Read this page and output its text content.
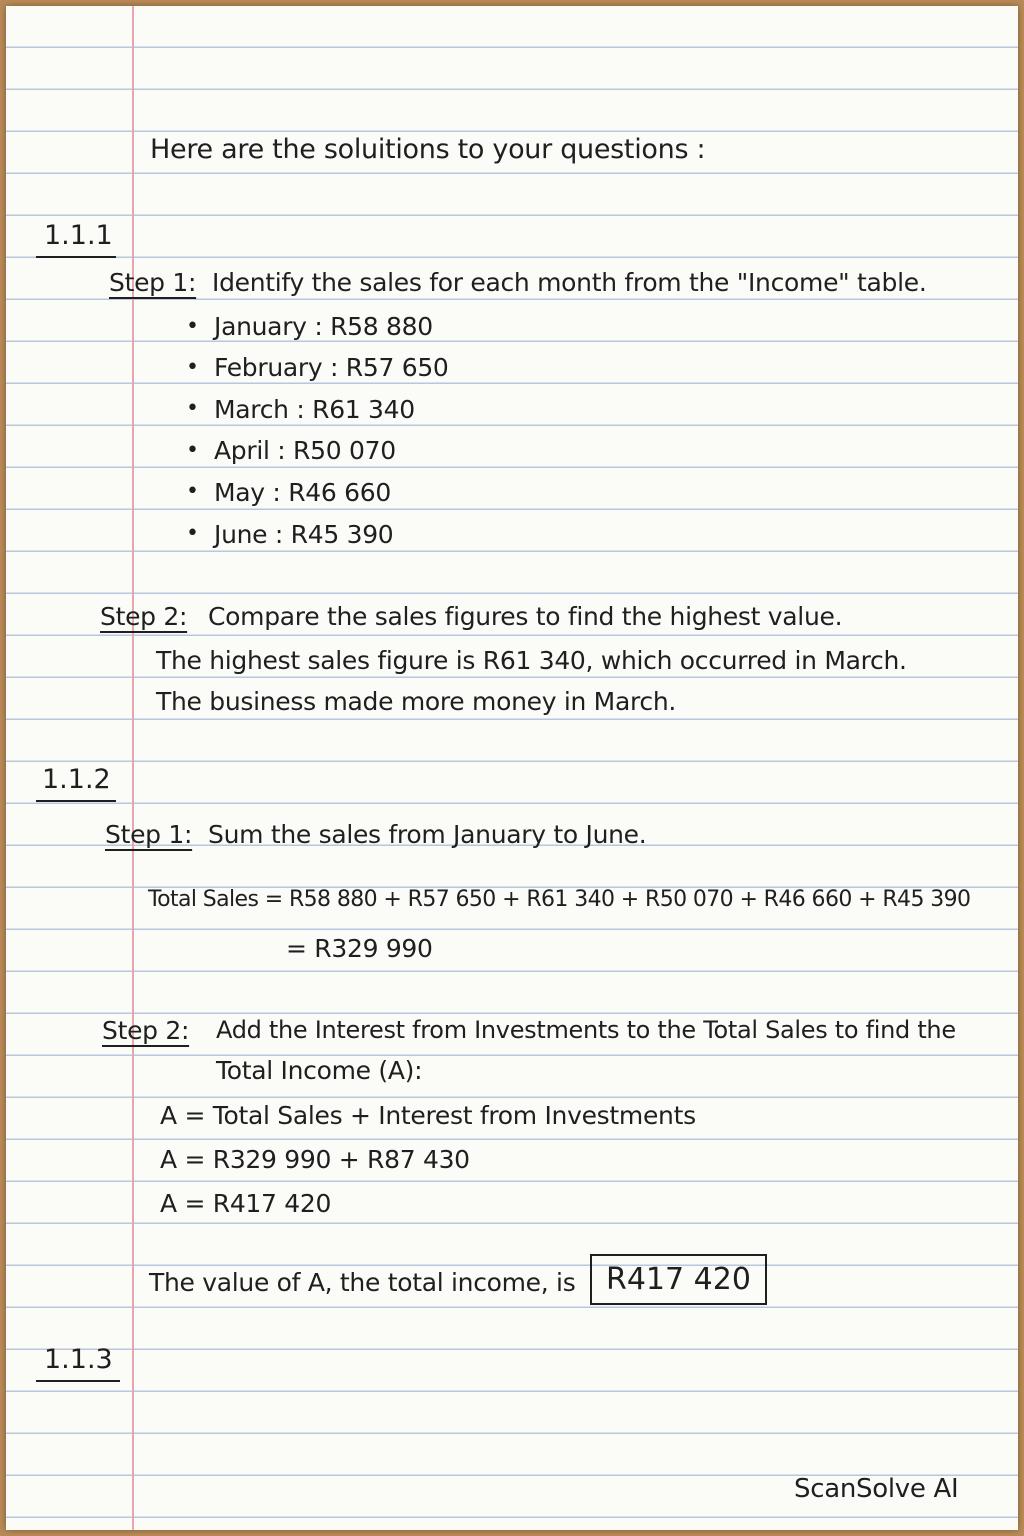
Here are the soluitions to your questions :
1.1.1
Step 1: Identify the sales for each month from the "Income" table.
• January : R58 880
• February : R57 650
• March : R61 340
• April : R50 070
• May : R46 660
• June : R45 390
Step 2: Compare the sales figures to find the highest value.
The highest sales figure is R61 340, which occurred in March.
The business made more money in March.
1.1.2
Step 1: Sum the sales from January to June.
Total Sales = R58 880 + R57 650 + R61 340 + R50 070 + R46 660 + R45 390
= R329 990
Step 2: Add the Interest from Investments to the Total Sales to find the
Total Income (A):
A = Total Sales + Interest from Investments
A = R329 990 + R87 430
A = R417 420
The value of A, the total income, is	R417 420
1.1.3
ScanSolve AI
